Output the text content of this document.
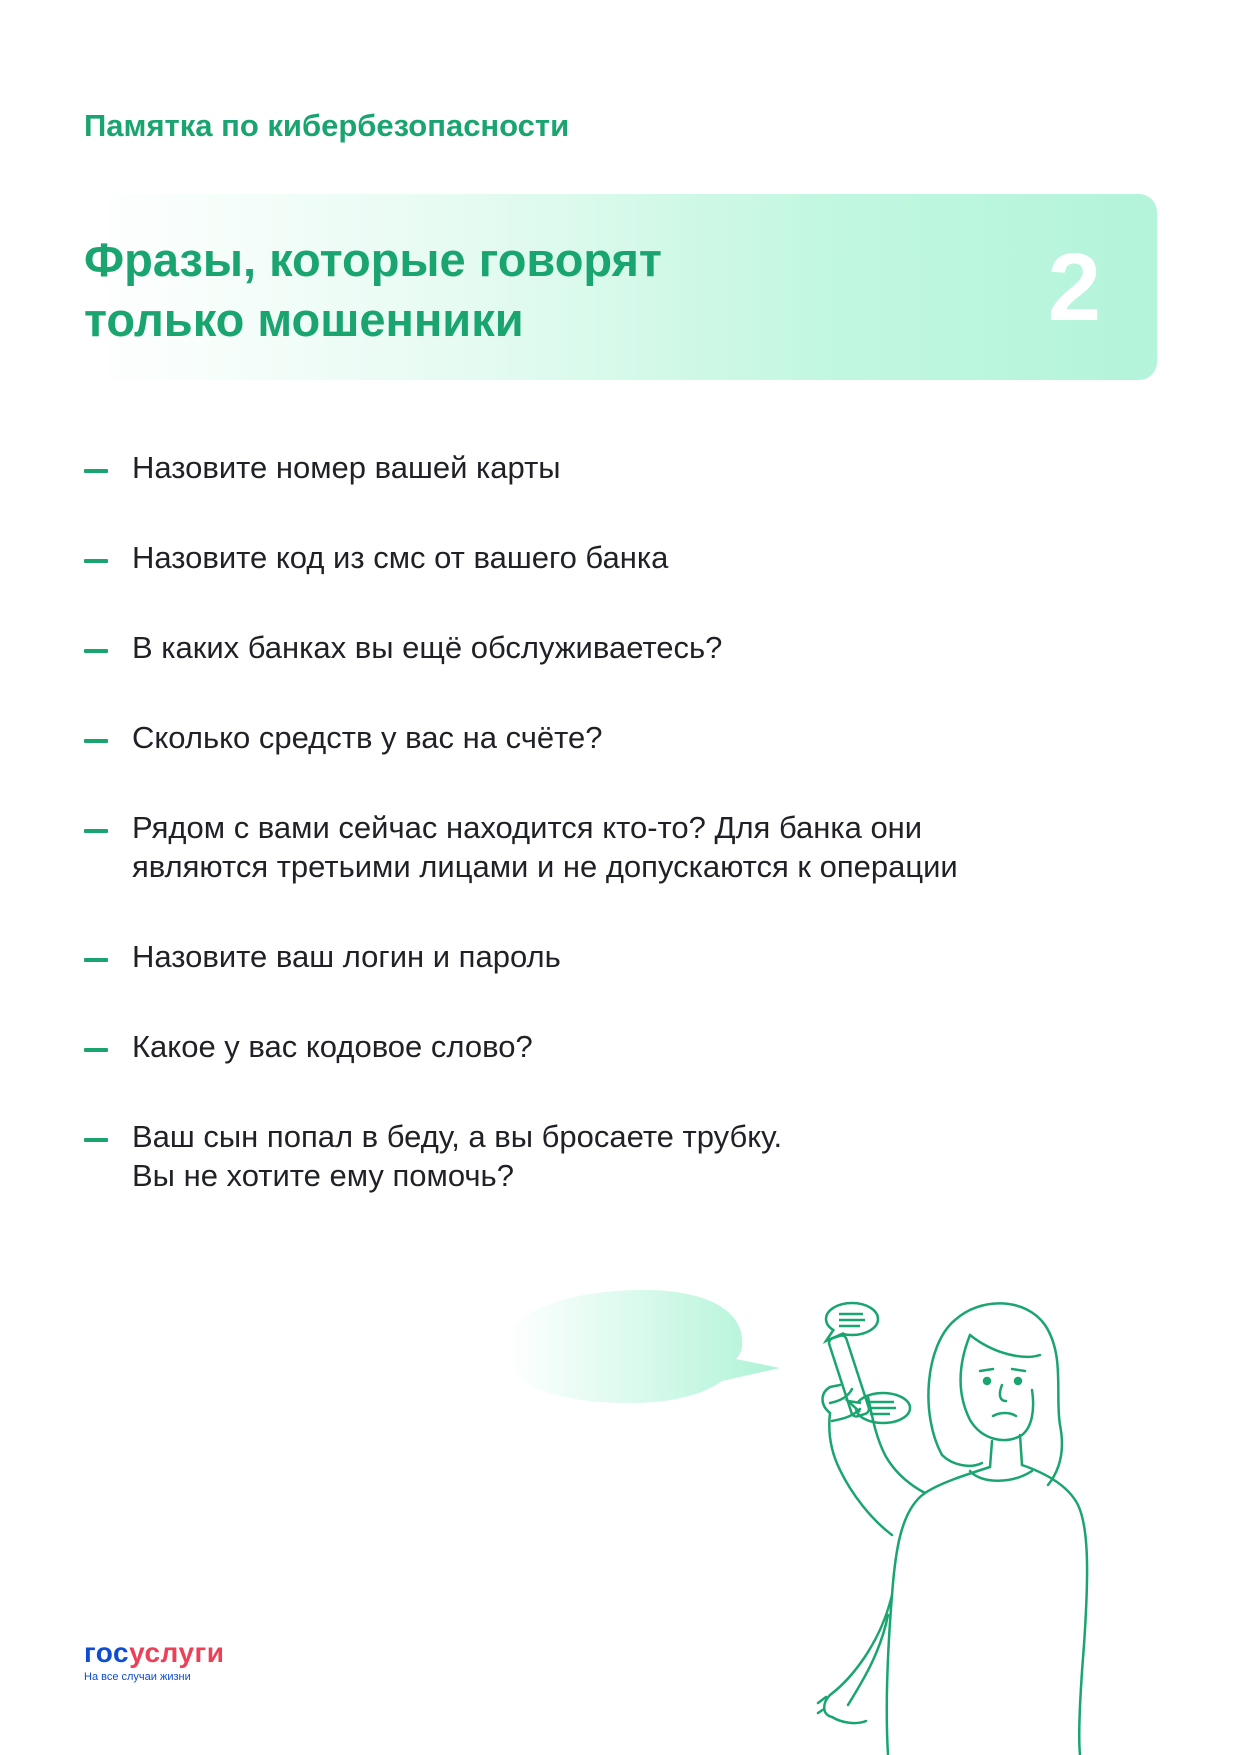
Памятка по кибербезопасности
Фразы, которые говорят
только мошенники	2
Назовите номер вашей карты
Назовите код из смс от вашего банка
В каких банках вы ещё обслуживаетесь?
Сколько средств у вас на счёте?
Рядом с вами сейчас находится кто-то? Для банка они
являются третьими лицами и не допускаются к операции
Назовите ваш логин и пароль
Какое у вас кодовое слово?
Ваш сын попал в беду, а вы бросаете трубку.
Вы не хотите ему помочь?
госуслуги
На все случаи жизни
